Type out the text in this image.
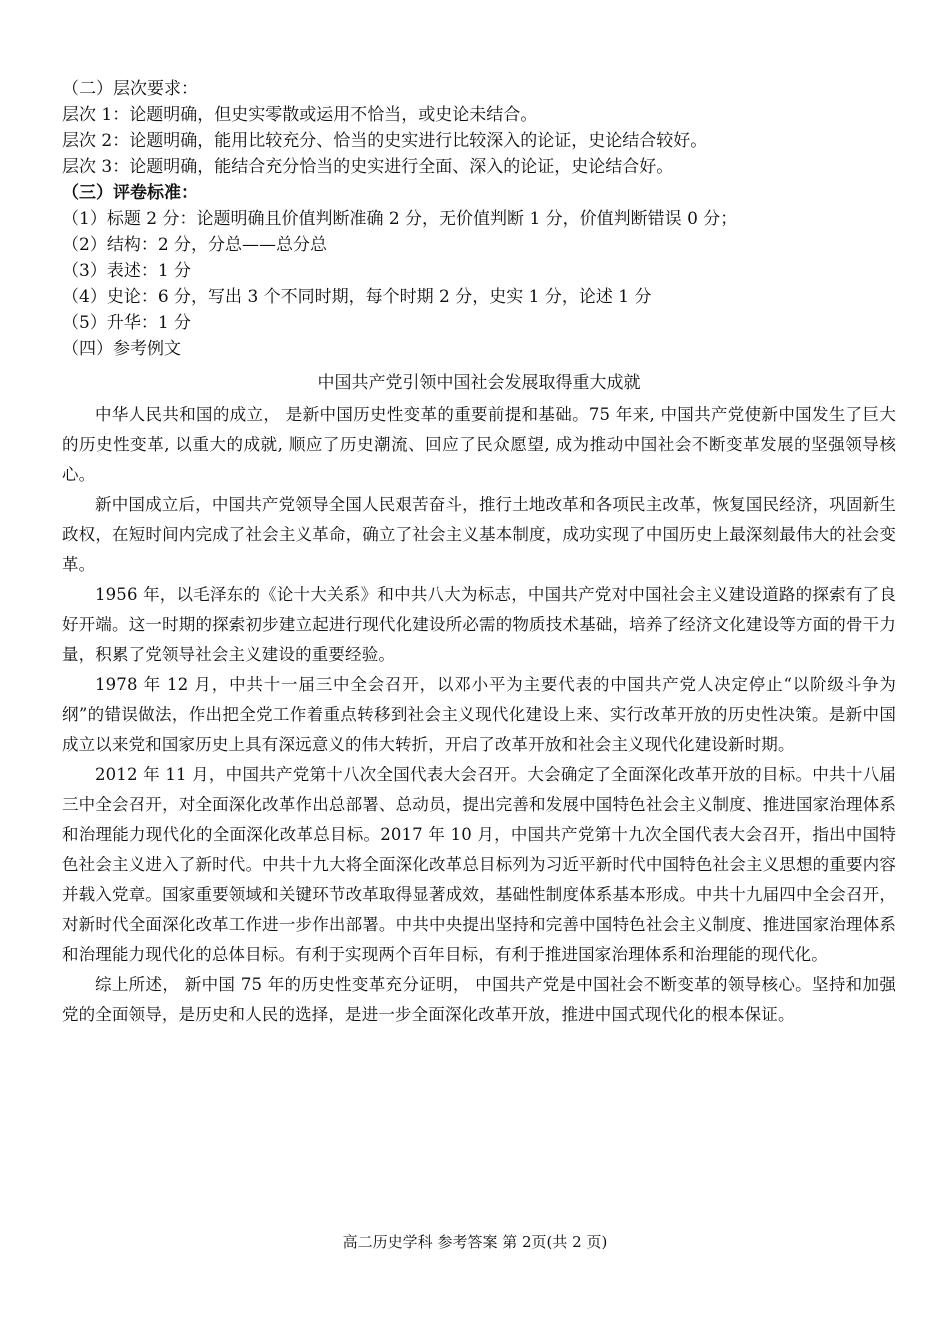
（二）层次要求：

层次 1：论题明确，但史实零散或运用不恰当，或史论未结合。

层次 2：论题明确，能用比较充分、恰当的史实进行比较深入的论证，史论结合较好。

层次 3：论题明确，能结合充分恰当的史实进行全面、深入的论证，史论结合好。

（三）评卷标准：

（1）标题 2 分：论题明确且价值判断准确 2 分，无价值判断 1 分，价值判断错误 0 分；

（2）结构：2 分，分总——总分总

（3）表述：1 分

（4）史论：6 分，写出 3 个不同时期，每个时期 2 分，史实 1 分，论述 1 分

（5）升华：1 分

（四）参考例文

中国共产党引领中国社会发展取得重大成就

中华人民共和国的成立， 是新中国历史性变革的重要前提和基础。75 年来, 中国共产党使新中国发生了巨大的历史性变革, 以重大的成就, 顺应了历史潮流、回应了民众愿望, 成为推动中国社会不断变革发展的坚强领导核心。

新中国成立后，中国共产党领导全国人民艰苦奋斗，推行土地改革和各项民主改革，恢复国民经济，巩固新生政权，在短时间内完成了社会主义革命，确立了社会主义基本制度，成功实现了中国历史上最深刻最伟大的社会变革。

1956 年，以毛泽东的《论十大关系》和中共八大为标志，中国共产党对中国社会主义建设道路的探索有了良好开端。这一时期的探索初步建立起进行现代化建设所必需的物质技术基础，培养了经济文化建设等方面的骨干力量，积累了党领导社会主义建设的重要经验。

1978 年 12 月，中共十一届三中全会召开，以邓小平为主要代表的中国共产党人决定停止“以阶级斗争为纲”的错误做法，作出把全党工作着重点转移到社会主义现代化建设上来、实行改革开放的历史性决策。是新中国成立以来党和国家历史上具有深远意义的伟大转折，开启了改革开放和社会主义现代化建设新时期。

2012 年 11 月，中国共产党第十八次全国代表大会召开。大会确定了全面深化改革开放的目标。中共十八届三中全会召开，对全面深化改革作出总部署、总动员，提出完善和发展中国特色社会主义制度、推进国家治理体系和治理能力现代化的全面深化改革总目标。2017 年 10 月，中国共产党第十九次全国代表大会召开，指出中国特色社会主义进入了新时代。中共十九大将全面深化改革总目标列为习近平新时代中国特色社会主义思想的重要内容并载入党章。国家重要领域和关键环节改革取得显著成效，基础性制度体系基本形成。中共十九届四中全会召开，对新时代全面深化改革工作进一步作出部署。中共中央提出坚持和完善中国特色社会主义制度、推进国家治理体系和治理能力现代化的总体目标。有利于实现两个百年目标，有利于推进国家治理体系和治理能的现代化。

综上所述， 新中国 75 年的历史性变革充分证明， 中国共产党是中国社会不断变革的领导核心。坚持和加强党的全面领导，是历史和人民的选择，是进一步全面深化改革开放，推进中国式现代化的根本保证。

高二历史学科 参考答案 第 2页(共 2 页)
